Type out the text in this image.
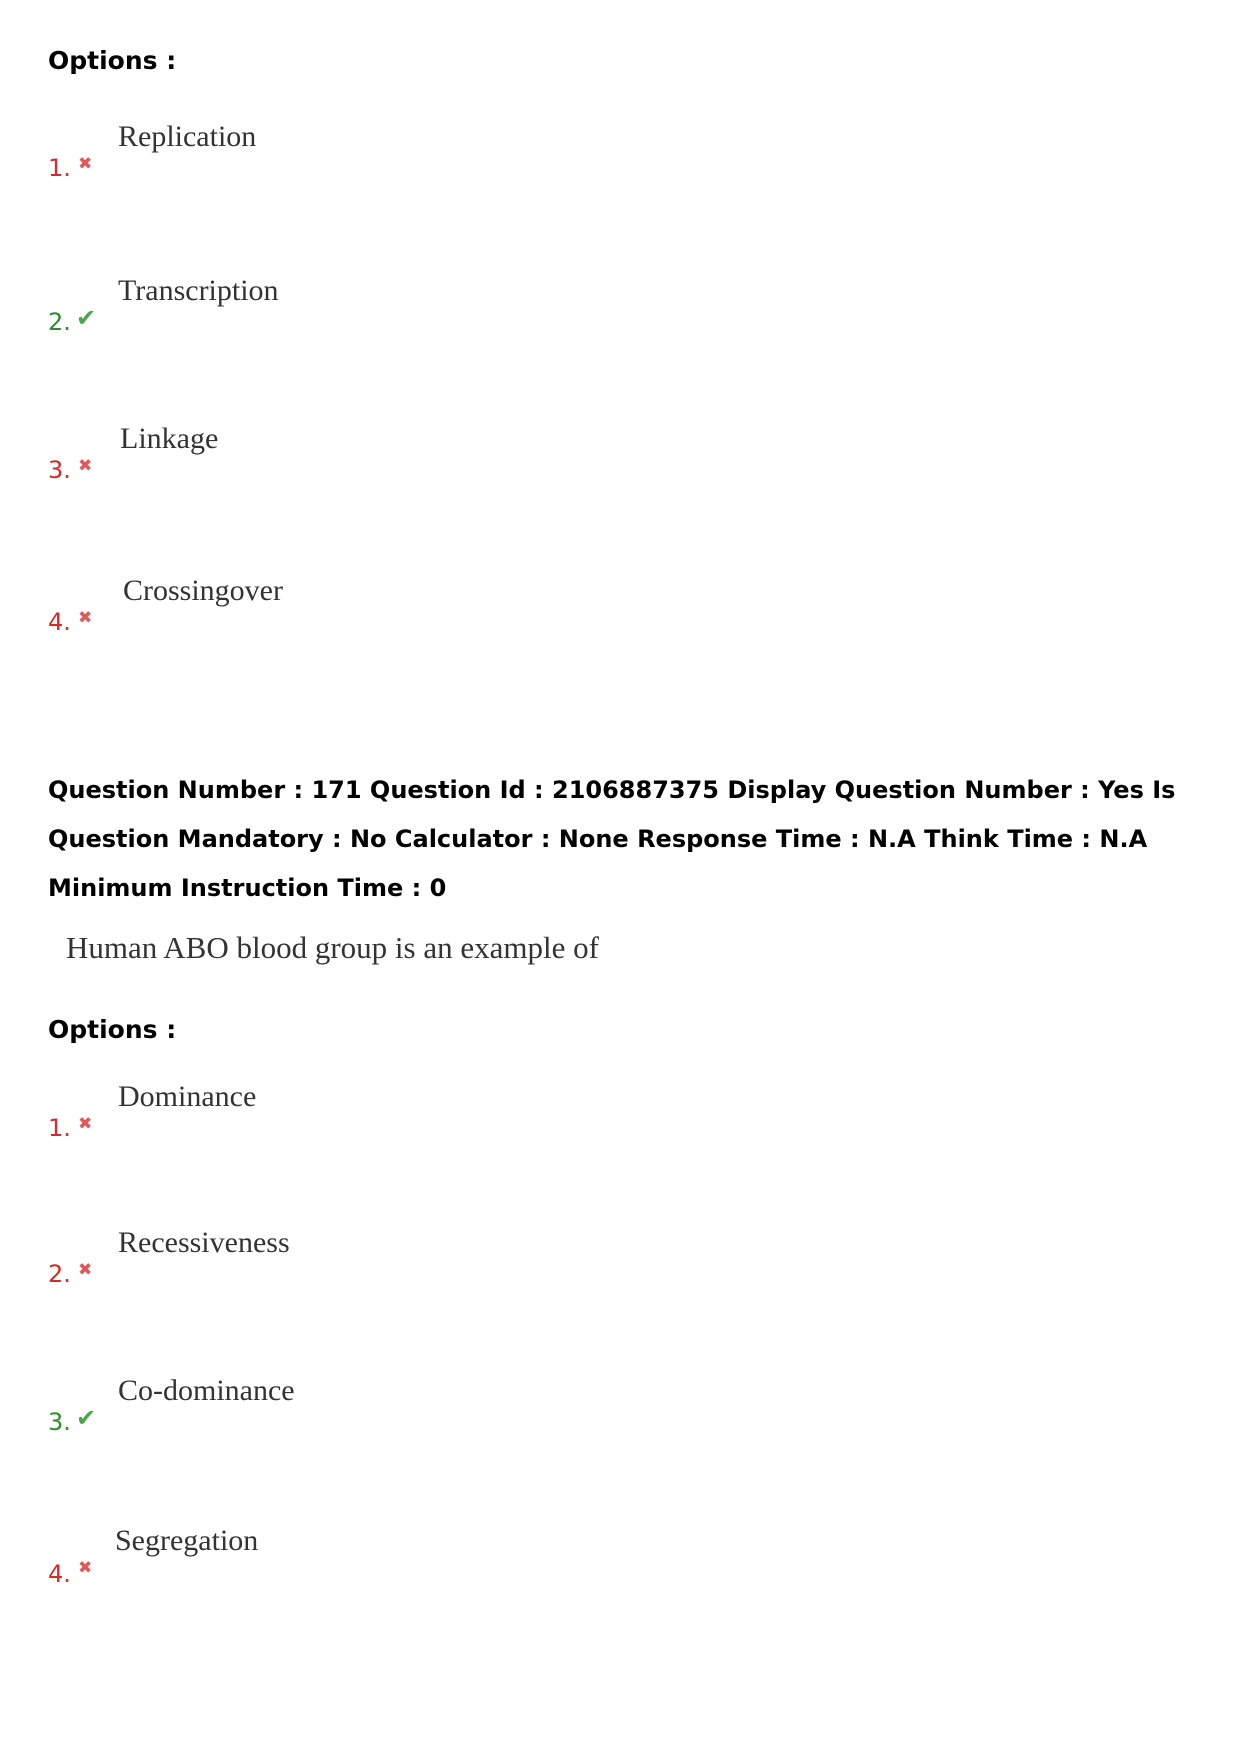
Options :
1. ✖
Replication
2. ✔
Transcription
3. ✖
Linkage
4. ✖
Crossingover
Question Number : 171 Question Id : 2106887375 Display Question Number : Yes Is Question Mandatory : No Calculator : None Response Time : N.A Think Time : N.A Minimum Instruction Time : 0
Human ABO blood group is an example of
Options :
1. ✖
Dominance
2. ✖
Recessiveness
3. ✔
Co-dominance
4. ✖
Segregation
